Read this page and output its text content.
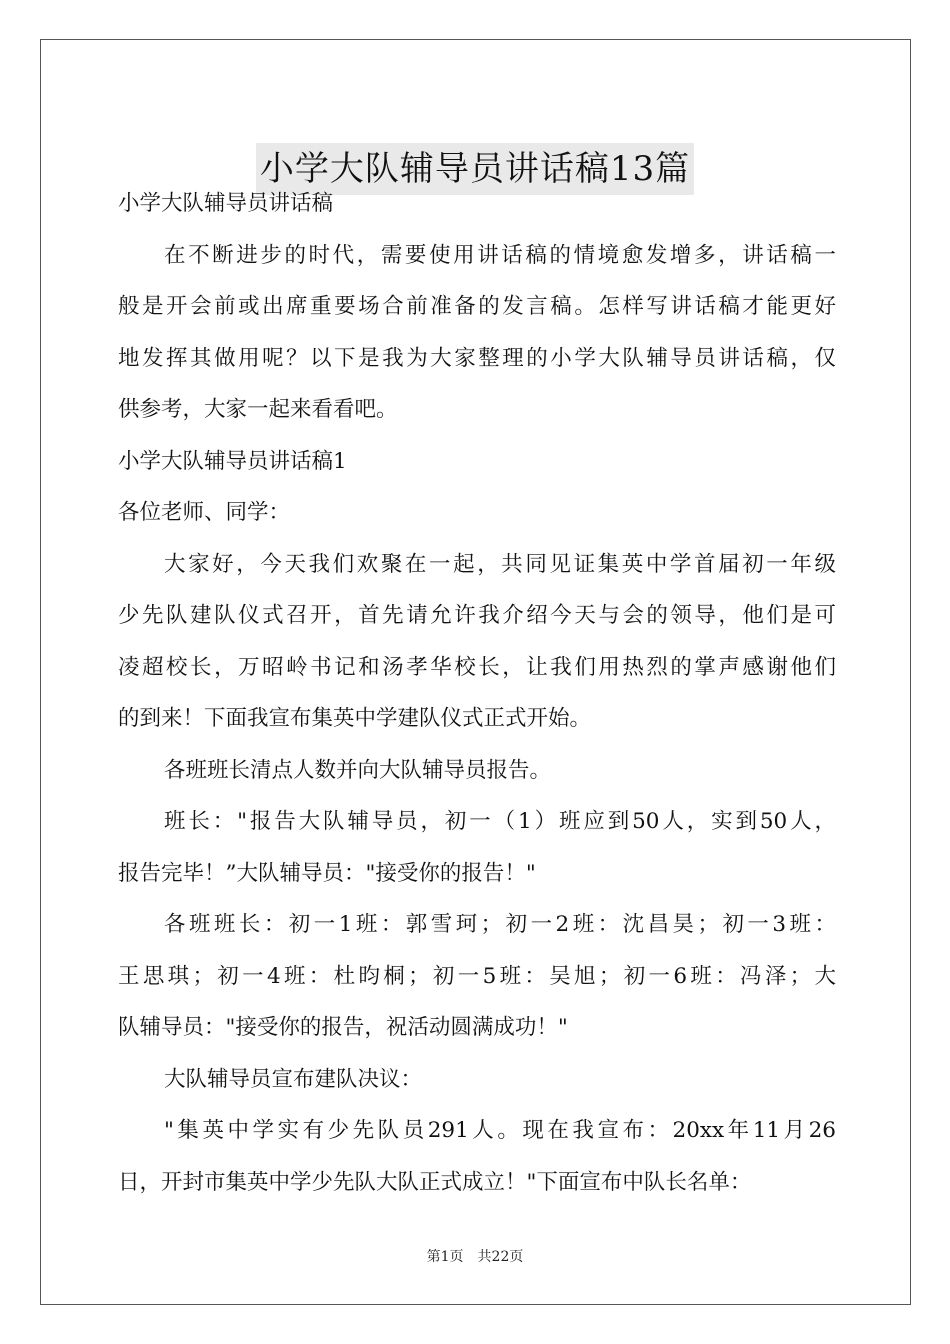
小学大队辅导员讲话稿13篇
小学大队辅导员讲话稿
在不断进步的时代，需要使用讲话稿的情境愈发增多，讲话稿一
般是开会前或出席重要场合前准备的发言稿。怎样写讲话稿才能更好
地发挥其做用呢？以下是我为大家整理的小学大队辅导员讲话稿，仅
供参考，大家一起来看看吧。
小学大队辅导员讲话稿1
各位老师、同学：
大家好，今天我们欢聚在一起，共同见证集英中学首届初一年级
少先队建队仪式召开，首先请允许我介绍今天与会的领导，他们是可
凌超校长，万昭岭书记和汤孝华校长，让我们用热烈的掌声感谢他们
的到来！下面我宣布集英中学建队仪式正式开始。
各班班长清点人数并向大队辅导员报告。
班长："报告大队辅导员，初一（1）班应到50人，实到50人，
报告完毕！”大队辅导员："接受你的报告！"
各班班长：初一1班：郭雪珂；初一2班：沈昌昊；初一3班：
王思琪；初一4班：杜昀桐；初一5班：吴旭；初一6班：冯泽；大
队辅导员："接受你的报告，祝活动圆满成功！"
大队辅导员宣布建队决议：
"集英中学实有少先队员291人。现在我宣布：20xx年11月26
日，开封市集英中学少先队大队正式成立！"下面宣布中队长名单：
第1页　共22页
